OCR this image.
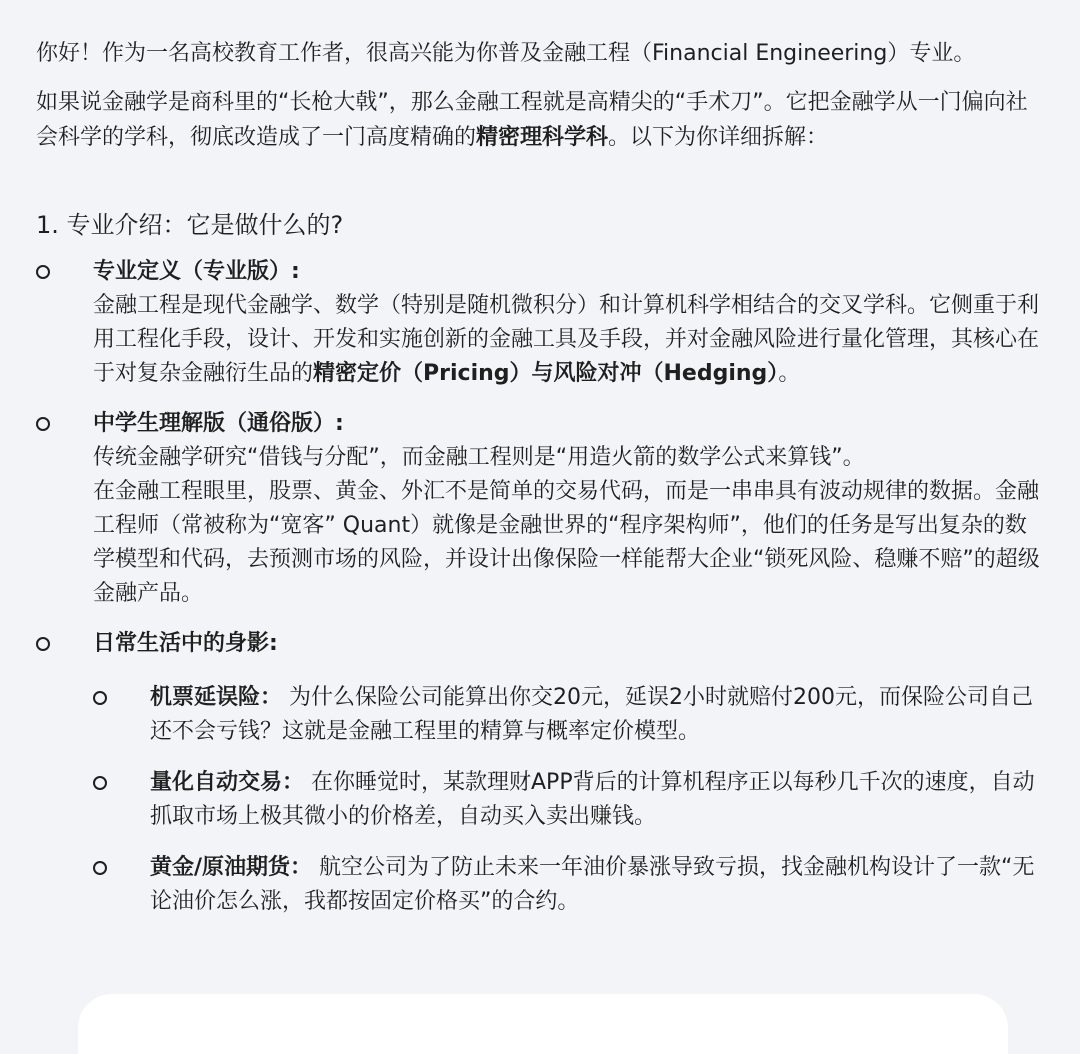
你好！作为一名高校教育工作者，很高兴能为你普及金融工程（Financial Engineering）专业。

如果说金融学是商科里的“长枪大戟”，那么金融工程就是高精尖的“手术刀”。它把金融学从一门偏向社会科学的学科，彻底改造成了一门高度精确的精密理科学科。以下为你详细拆解：

1. 专业介绍：它是做什么的?
专业定义（专业版）:
金融工程是现代金融学、数学（特别是随机微积分）和计算机科学相结合的交叉学科。它侧重于利用工程化手段，设计、开发和实施创新的金融工具及手段，并对金融风险进行量化管理，其核心在于对复杂金融衍生品的精密定价（Pricing）与风险对冲（Hedging）。
中学生理解版（通俗版）:
传统金融学研究“借钱与分配”，而金融工程则是“用造火箭的数学公式来算钱”。
在金融工程眼里，股票、黄金、外汇不是简单的交易代码，而是一串串具有波动规律的数据。金融工程师（常被称为“宽客” Quant）就像是金融世界的“程序架构师”，他们的任务是写出复杂的数学模型和代码，去预测市场的风险，并设计出像保险一样能帮大企业“锁死风险、稳赚不赔”的超级金融产品。
日常生活中的身影:
机票延误险： 为什么保险公司能算出你交20元，延误2小时就赔付200元，而保险公司自己还不会亏钱？这就是金融工程里的精算与概率定价模型。
量化自动交易： 在你睡觉时，某款理财APP背后的计算机程序正以每秒几千次的速度，自动抓取市场上极其微小的价格差，自动买入卖出赚钱。
黄金/原油期货： 航空公司为了防止未来一年油价暴涨导致亏损，找金融机构设计了一款“无论油价怎么涨，我都按固定价格买”的合约。
